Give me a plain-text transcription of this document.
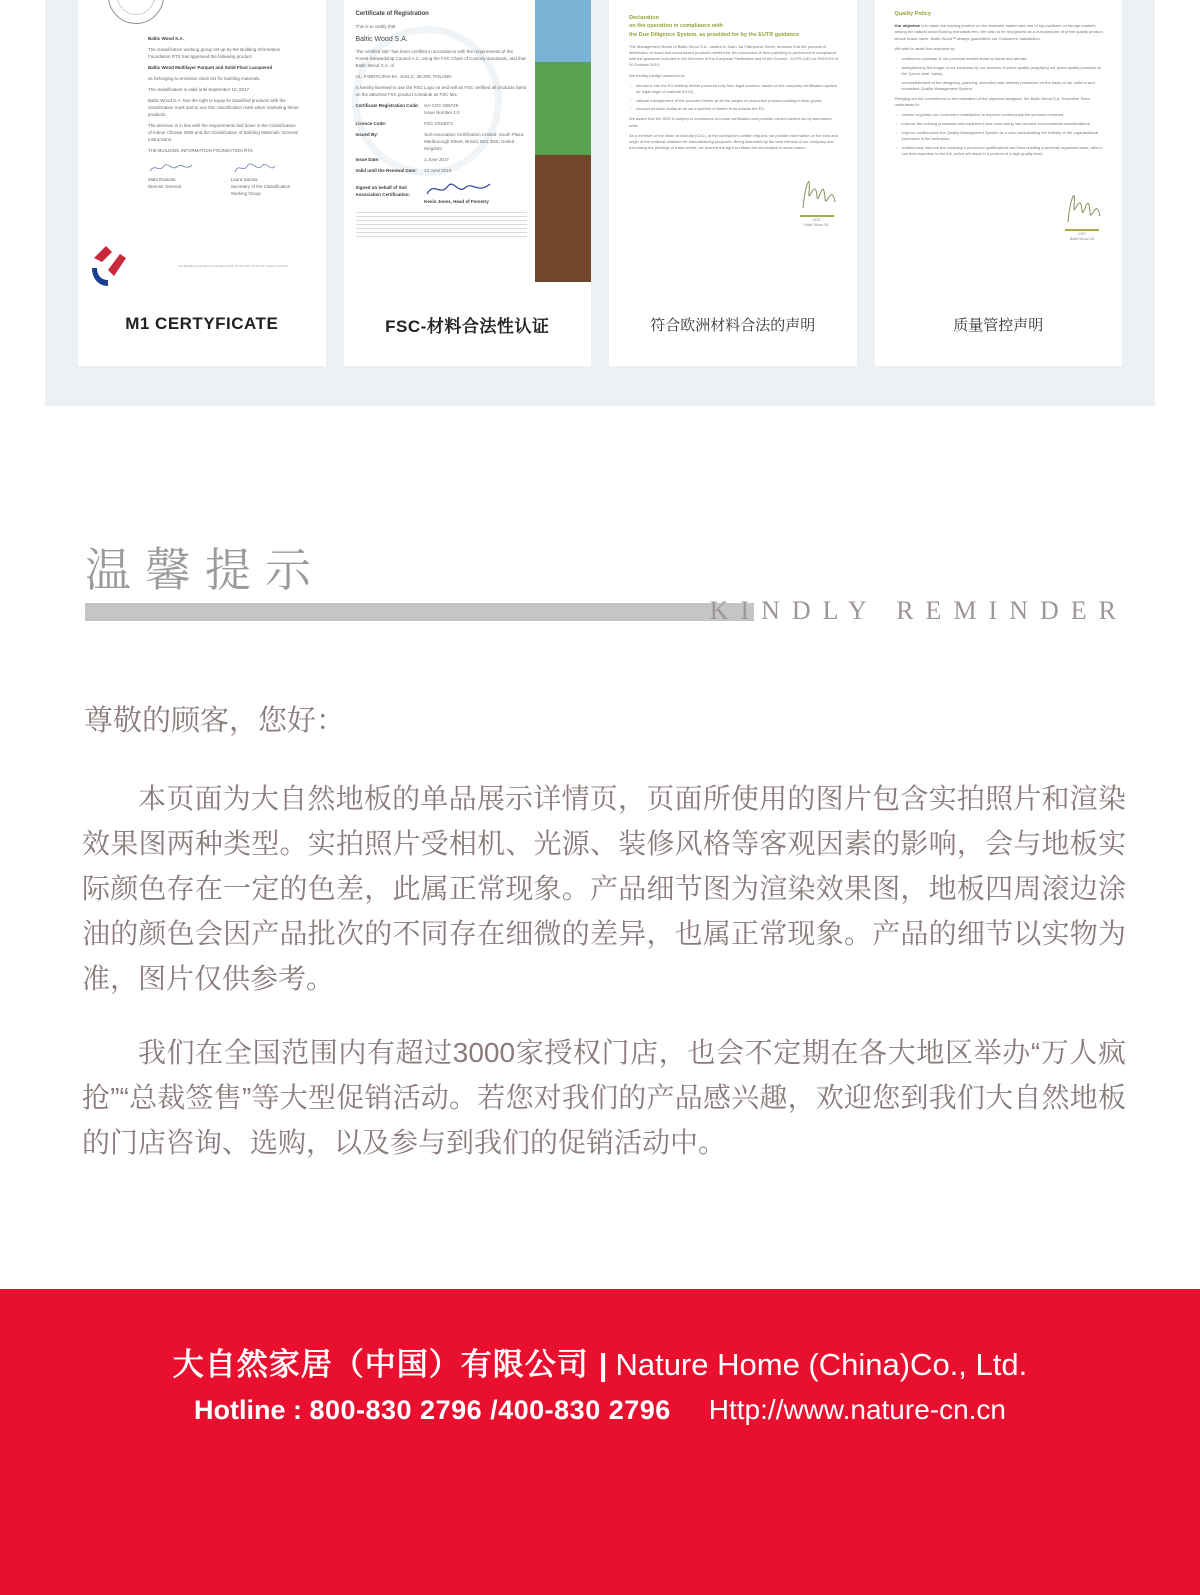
Baltic Wood S.A.

The classification working group set up by the Building Information Foundation RTS has approved the following product

Baltic Wood Multilayer Parquet and Solid Floor Lacquered

as belonging to emission class M1 for building materials.

The classification is valid until September 10, 2017

Baltic Wood S.A. has the right to equip its classified products with the classification mark and to use this classification mark when marketing these products.

The decision is in line with the requirements laid down in the Classification of Indoor Climate 2008 and the Classification of Building Materials: General Instructions.

THE BUILDING INFORMATION FOUNDATION RTS

Matti Rautiola
Director General
Laura Sariola
Secretary of the Classification Working Group
The Building Information Foundation RTS, P.O.B 1004, FI-00 101 Helsinki, Finland
M1 CERTYFICATE
Certificate of Registration

This is to certify that

Baltic Wood S.A.

"the certified site" has been certified in accordance with the requirements of the Forest Stewardship Council A.C. using the FSC Chain of Custody standards, and that Baltic Wood S.A. of

UL. FABRYCZNA 6A, JASLO, 38-200, POLAND

is hereby licensed to use the FSC Logo on and sell as FSC certified all products listed on the attached FSC product schedule as FSC Mix.

Certificate Registration Code:	SA-COC-006729
Issue Number 1.0
Licence Code:	FSC-C023073
Issued By:	Soil Association Certification Limited, South Plaza, Marlborough Street, Bristol, BS1 3NX, United Kingdom
Issue Date:	1 June 2017
Valid until the Renewal Date:	13 June 2019
Signed on behalf of Soil Association Certification:
Kevin Jones, Head of Forestry
FSC-材料合法性认证
Declaration
on the operation in compliance with
the Due Diligence System, as provided for by the EUTR guidance

The Management Board of Baltic Wood S.A., seated in Jaslo, 6a Fabryczna Street, declares that the process of distribution of wood and wood based products needed for the production of floor panelling is performed in compliance with the guidance included in the Directive of the European Parliament and of the Council - EUTR (UE) no 995/2010 of 20 October 2010.

We hereby pledge ourselves to:

› introduce into the EU territory timber procured only from legal sources, based on the company certification system for legal origin of material (DDS),
› rational management of the procured timber at all the stages of production process leading to final goods,
› conduct periodic audits at all our importers of timber from outside the EU.

We assert that the DDS is subject to continuous in-house verification and periodic control carried out by authorized units.

As a member of the chain of custody (CoC), at the contractor's written request, we provide information on the kind and origin of the material obtained for manufacturing purposes. Being instructed by the best interest of our company and exercising the privilege of trade secret, we reserve the right to refuse the information in some cases.

CEO
Baltic Wood SA
符合欧洲材料合法的声明
Quality Policy

Our objective is to attain the leading position on the domestic market and one of top positions on foreign markets among the natural wood flooring manufacturers. We wish to be recognized as a manufacturer of prime quality product, whose brand name, Baltic Wood™ always guarantees our Customers' satisfaction.

We wish to attain this objective by:

› continuous increase of our products market share at home and abroad,
› strengthening the image of our company by our services of prime quality (supplying our prime quality products on the "just-in-time" basis),
› accomplishment of the designing, planning, execution and delivery processes on the basis of our uniform and consistent Quality Management System.

Pledging our full commitment to the realization of the objective assigned, the Baltic Wood S.A. Executive Team undertakes to:

› monitor regularly our Customers' satisfaction to improve continuously the services rendered,
› improve the existing processes and implement new ones taking into account environmental considerations,
› improve continuously the Quality Management System as a core consolidating the entirety of the organizational processes in the enterprise,
› continuously improve the company's personnel qualifications and thus building a perfectly organized team, able to use their expertise to the full, which will result in a product of a high quality level.
CEO
Baltic Wood SA
质量管控声明
温馨提示
KINDLY REMINDER
尊敬的顾客，您好：

本页面为大自然地板的单品展示详情页，页面所使用的图片包含实拍照片和渲染效果图两种类型。实拍照片受相机、光源、装修风格等客观因素的影响，会与地板实际颜色存在一定的色差，此属正常现象。产品细节图为渲染效果图，地板四周滚边涂油的颜色会因产品批次的不同存在细微的差异，也属正常现象。产品的细节以实物为准，图片仅供参考。

我们在全国范围内有超过3000家授权门店，也会不定期在各大地区举办“万人疯抢”“总裁签售”等大型促销活动。若您对我们的产品感兴趣，欢迎您到我们大自然地板的门店咨询、选购，以及参与到我们的促销活动中。

大自然家居（中国）有限公司 | Nature Home (China)Co., Ltd.
Hotline : 800-830 2796 /400-830 2796 Http://www.nature-cn.cn
